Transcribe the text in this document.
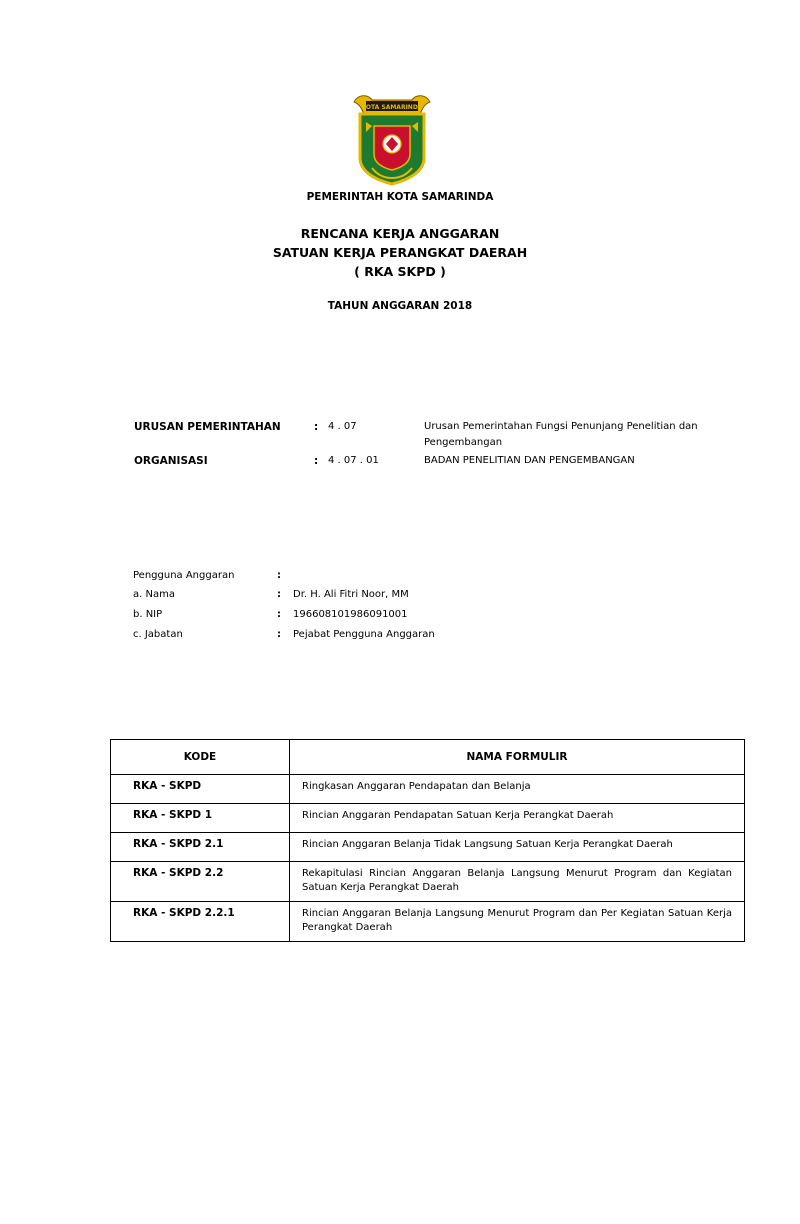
KOTA SAMARINDA
PEMERINTAH KOTA SAMARINDA
RENCANA KERJA ANGGARAN
SATUAN KERJA PERANGKAT DAERAH
( RKA SKPD )
TAHUN ANGGARAN 2018
URUSAN PEMERINTAHAN	: 4 . 07	Urusan Pemerintahan Fungsi Penunjang Penelitian dan
Pengembangan
ORGANISASI	: 4 . 07 . 01	BADAN PENELITIAN DAN PENGEMBANGAN
Pengguna Anggaran	:
a. Nama	: Dr. H. Ali Fitri Noor, MM
b. NIP	: 196608101986091001
c. Jabatan	: Pejabat Pengguna Anggaran
KODE	NAMA FORMULIR
RKA - SKPD	Ringkasan Anggaran Pendapatan dan Belanja
RKA - SKPD 1	Rincian Anggaran Pendapatan Satuan Kerja Perangkat Daerah
RKA - SKPD 2.1	Rincian Anggaran Belanja Tidak Langsung Satuan Kerja Perangkat Daerah
RKA - SKPD 2.2	Rekapitulasi Rincian Anggaran Belanja Langsung Menurut Program dan Kegiatan Satuan Kerja Perangkat Daerah
RKA - SKPD 2.2.1	Rincian Anggaran Belanja Langsung Menurut Program dan Per Kegiatan Satuan Kerja Perangkat Daerah
